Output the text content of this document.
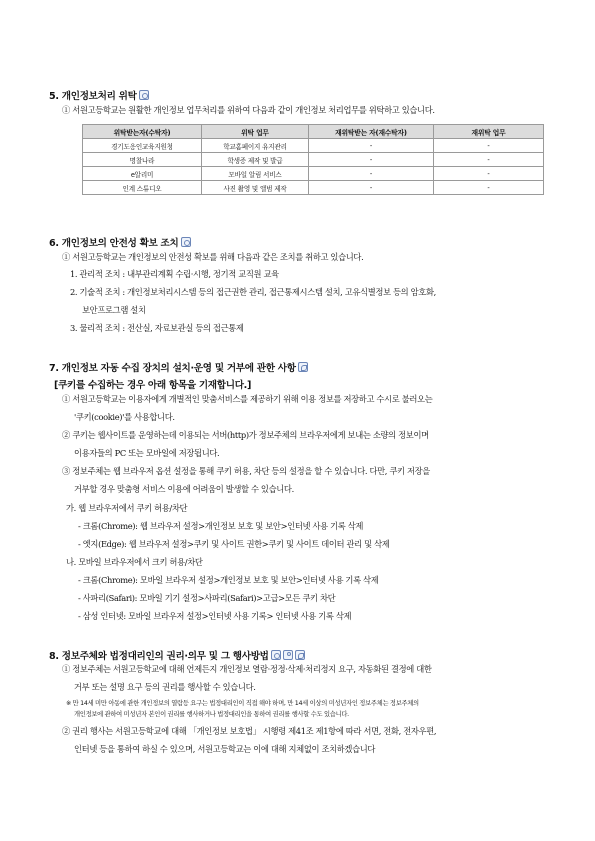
5. 개인정보처리 위탁
① 서원고등학교는 원활한 개인정보 업무처리를 위하여 다음과 같이 개인정보 처리업무를 위탁하고 있습니다.
위탁받는자(수탁자)	위탁 업무	재위탁받는 자(재수탁자)	재위탁 업무
경기도응인교육지원청	학교홈페이지 유지관리	-	-
명찰나라	학생증 제작 및 발급	-	-
e알리미	모바일 알림 서비스	-	-
인계 스튜디오	사진 촬영 및 앨범 제작	-	-
6. 개인정보의 안전성 확보 조치
① 서원고등학교는 개인정보의 안전성 확보를 위해 다음과 같은 조치를 취하고 있습니다.
1. 관리적 조치 : 내부관리계획 수립·시행, 정기적 교직원 교육
2. 기술적 조치 : 개인정보처리시스템 등의 접근권한 관리, 접근통제시스템 설치, 고유식별정보 등의 암호화,
보안프로그램 설치
3. 물리적 조치 : 전산실, 자료보관실 등의 접근통제
7. 개인정보 자동 수집 장치의 설치·운영 및 거부에 관한 사항
[쿠키를 수집하는 경우 아래 항목을 기재합니다.]
① 서원고등학교는 이용자에게 개별적인 맞춤서비스를 제공하기 위해 이용 정보를 저장하고 수시로 불러오는
'쿠키(cookie)'를 사용합니다.
② 쿠키는 웹사이트를 운영하는데 이용되는 서버(http)가 정보주체의 브라우저에게 보내는 소량의 정보이며
이용자들의 PC 또는 모바일에 저장됩니다.
③ 정보주체는 웹 브라우저 옵션 설정을 통해 쿠키 허용, 차단 등의 설정을 할 수 있습니다. 다만, 쿠키 저장을
거부할 경우 맞춤형 서비스 이용에 어려움이 발생할 수 있습니다.
가. 웹 브라우저에서 쿠키 허용/차단
- 크롬(Chrome): 웹 브라우저 설정>개인정보 보호 및 보안>인터넷 사용 기록 삭제
- 엣지(Edge): 웹 브라우저 설정>쿠키 및 사이트 권한>쿠키 및 사이트 데이터 관리 및 삭제
나. 모바일 브라우저에서 크키 허용/차단
- 크롬(Chrome): 모바일 브라우저 설정>개인정보 보호 및 보안>인터넷 사용 기록 삭제
- 사파리(Safari): 모바일 기기 설정>사파리(Safari)>고급>모든 쿠키 차단
- 삼성 인터넷: 모바일 브라우저 설정>인터넷 사용 기록> 인터넷 사용 기록 삭제
8. 정보주체와 법정대리인의 권리·의무 및 그 행사방법
① 정보주체는 서원고등학교에 대해 언제든지 개인정보 열람·정정·삭제·처리정지 요구, 자동화된 결정에 대한
거부 또는 설명 요구 등의 권리를 행사할 수 있습니다.
※ 만 14세 미만 아동에 관한 개인정보의 열람등 요구는 법정대리인이 직접 해야 하며, 만 14세 이상의 미성년자인 정보주체는 정보주체의
개인정보에 관하여 미성년자 본인이 권리를 행사하거나 법정대리인을 통하여 권리를 행사할 수도 있습니다.
② 권리 행사는 서원고등학교에 대해 「개인정보 보호법」 시행령 제41조 제1항에 따라 서면, 전화, 전자우편,
인터넷 등을 통하여 하실 수 있으며, 서원고등학교는 이에 대해 지체없이 조치하겠습니다
